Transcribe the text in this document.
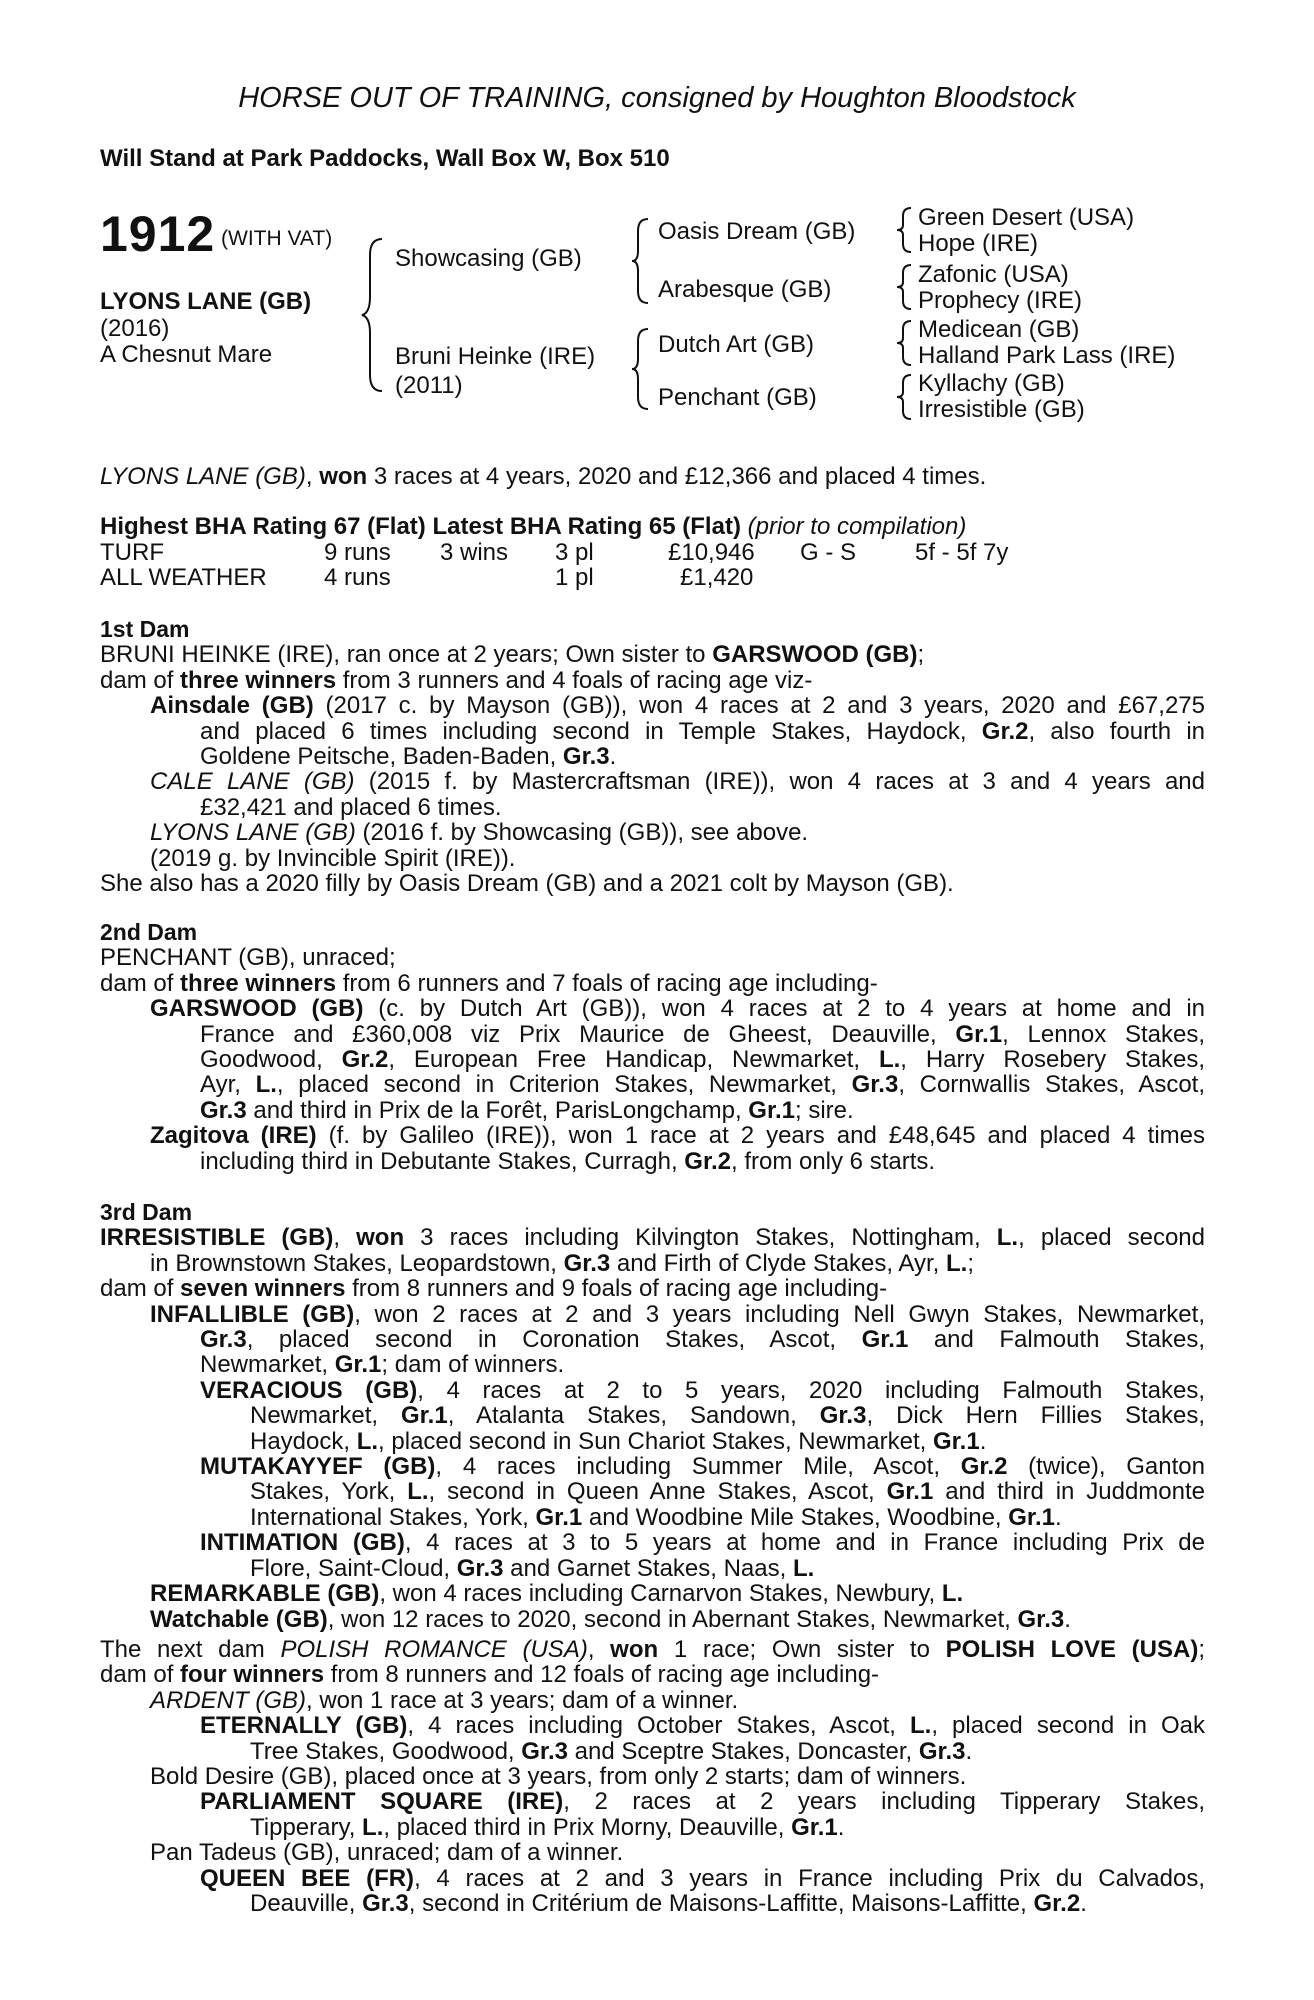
HORSE OUT OF TRAINING, consigned by Houghton Bloodstock
Will Stand at Park Paddocks, Wall Box W, Box 510
1912 (WITH VAT)
LYONS LANE (GB)
(2016)
A Chesnut Mare
Showcasing (GB)
Bruni Heinke (IRE)
(2011)
Oasis Dream (GB)
Arabesque (GB)
Dutch Art (GB)
Penchant (GB)
Green Desert (USA)
Hope (IRE)
Zafonic (USA)
Prophecy (IRE)
Medicean (GB)
Halland Park Lass (IRE)
Kyllachy (GB)
Irresistible (GB)
LYONS LANE (GB), won 3 races at 4 years, 2020 and £12,366 and placed 4 times.
Highest BHA Rating 67 (Flat) Latest BHA Rating 65 (Flat) (prior to compilation)
TURF	9 runs 3 wins 3 pl	£10,946 G - S 5f - 5f 7y
ALL WEATHER 4 runs	1 pl	£1,420
1st Dam
BRUNI HEINKE (IRE), ran once at 2 years; Own sister to GARSWOOD (GB);
dam of three winners from 3 runners and 4 foals of racing age viz-
Ainsdale (GB) (2017 c. by Mayson (GB)), won 4 races at 2 and 3 years, 2020 and £67,275
and placed 6 times including second in Temple Stakes, Haydock, Gr.2, also fourth in
Goldene Peitsche, Baden-Baden, Gr.3.
CALE LANE (GB) (2015 f. by Mastercraftsman (IRE)), won 4 races at 3 and 4 years and
£32,421 and placed 6 times.
LYONS LANE (GB) (2016 f. by Showcasing (GB)), see above.
(2019 g. by Invincible Spirit (IRE)).
She also has a 2020 filly by Oasis Dream (GB) and a 2021 colt by Mayson (GB).
2nd Dam
PENCHANT (GB), unraced;
dam of three winners from 6 runners and 7 foals of racing age including-
GARSWOOD (GB) (c. by Dutch Art (GB)), won 4 races at 2 to 4 years at home and in
France and £360,008 viz Prix Maurice de Gheest, Deauville, Gr.1, Lennox Stakes,
Goodwood, Gr.2, European Free Handicap, Newmarket, L., Harry Rosebery Stakes,
Ayr, L., placed second in Criterion Stakes, Newmarket, Gr.3, Cornwallis Stakes, Ascot,
Gr.3 and third in Prix de la Forêt, ParisLongchamp, Gr.1; sire.
Zagitova (IRE) (f. by Galileo (IRE)), won 1 race at 2 years and £48,645 and placed 4 times
including third in Debutante Stakes, Curragh, Gr.2, from only 6 starts.
3rd Dam
IRRESISTIBLE (GB), won 3 races including Kilvington Stakes, Nottingham, L., placed second
in Brownstown Stakes, Leopardstown, Gr.3 and Firth of Clyde Stakes, Ayr, L.;
dam of seven winners from 8 runners and 9 foals of racing age including-
INFALLIBLE (GB), won 2 races at 2 and 3 years including Nell Gwyn Stakes, Newmarket,
Gr.3, placed second in Coronation Stakes, Ascot, Gr.1 and Falmouth Stakes,
Newmarket, Gr.1; dam of winners.
VERACIOUS (GB), 4 races at 2 to 5 years, 2020 including Falmouth Stakes,
Newmarket, Gr.1, Atalanta Stakes, Sandown, Gr.3, Dick Hern Fillies Stakes,
Haydock, L., placed second in Sun Chariot Stakes, Newmarket, Gr.1.
MUTAKAYYEF (GB), 4 races including Summer Mile, Ascot, Gr.2 (twice), Ganton
Stakes, York, L., second in Queen Anne Stakes, Ascot, Gr.1 and third in Juddmonte
International Stakes, York, Gr.1 and Woodbine Mile Stakes, Woodbine, Gr.1.
INTIMATION (GB), 4 races at 3 to 5 years at home and in France including Prix de
Flore, Saint-Cloud, Gr.3 and Garnet Stakes, Naas, L.
REMARKABLE (GB), won 4 races including Carnarvon Stakes, Newbury, L.
Watchable (GB), won 12 races to 2020, second in Abernant Stakes, Newmarket, Gr.3.
The next dam POLISH ROMANCE (USA), won 1 race; Own sister to POLISH LOVE (USA);
dam of four winners from 8 runners and 12 foals of racing age including-
ARDENT (GB), won 1 race at 3 years; dam of a winner.
ETERNALLY (GB), 4 races including October Stakes, Ascot, L., placed second in Oak
Tree Stakes, Goodwood, Gr.3 and Sceptre Stakes, Doncaster, Gr.3.
Bold Desire (GB), placed once at 3 years, from only 2 starts; dam of winners.
PARLIAMENT SQUARE (IRE), 2 races at 2 years including Tipperary Stakes,
Tipperary, L., placed third in Prix Morny, Deauville, Gr.1.
Pan Tadeus (GB), unraced; dam of a winner.
QUEEN BEE (FR), 4 races at 2 and 3 years in France including Prix du Calvados,
Deauville, Gr.3, second in Critérium de Maisons-Laffitte, Maisons-Laffitte, Gr.2.
